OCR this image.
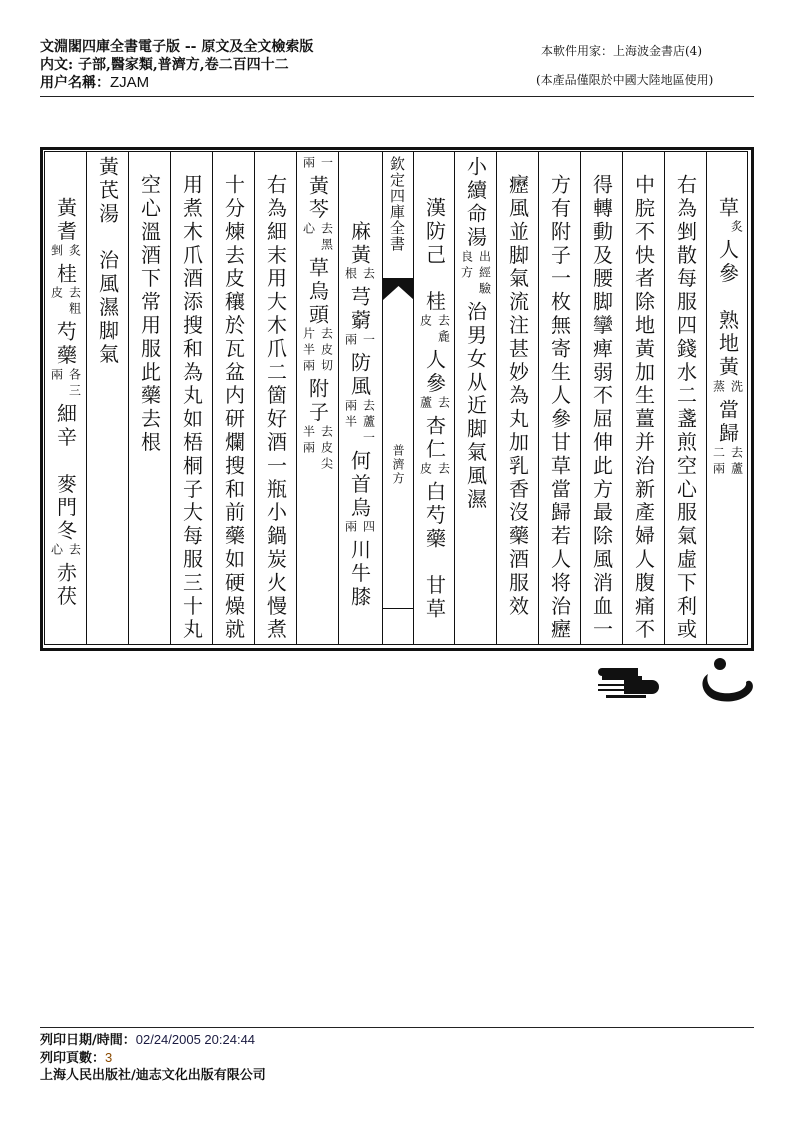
文淵閣四庫全書電子版 -- 原文及全文檢索版
内文: 子部,醫家類,普濟方,卷二百四十二
用户名稱：ZJAM
本軟件用家：上海波金書店(4)
(本產品僅限於中國大陸地區使用)
草
炙
人參　熟地黃
洗
蒸
當歸
去蘆
二兩
右為剉散每服四錢水二盞煎空心服氣虛下利或
中脘不快者除地黃加生薑并治新產婦人腹痛不
得轉動及腰脚攣痺弱不屈伸此方最除風消血一
方有附子一枚無寄生人參甘草當歸若人将治癧
癧風並脚氣流注甚妙為丸加乳香沒藥酒服效
小續命湯
出經驗
良方
治男女从近脚氣風濕
漢防己　桂
去麁
皮
人參
去
蘆
杏仁
去
皮
白芍藥　甘草
　麻黃
去
根
芎藭
一
兩
防風
去蘆一
兩半
何首烏
四
兩
川牛膝
一
兩
黃芩
去黑
心
草烏頭
去皮切
片半兩
附子
去皮尖
半兩
右為細末用大木爪二箇好酒一瓶小鍋炭火慢煮
十分煉去皮穰於瓦盆内研爛搜和前藥如硬燥就
用煮木爪酒添搜和為丸如梧桐子大每服三十丸
空心溫酒下常用服此藥去根
黃芪湯　治風濕脚氣
黃耆
炙
剉
桂
去粗
皮
芍藥
各三
兩
細辛　麥門冬
去
心
赤茯
欽定四庫全書
普濟方
列印日期/時間：02/24/2005 20:24:44
列印頁數：3
上海人民出版社/迪志文化出版有限公司
